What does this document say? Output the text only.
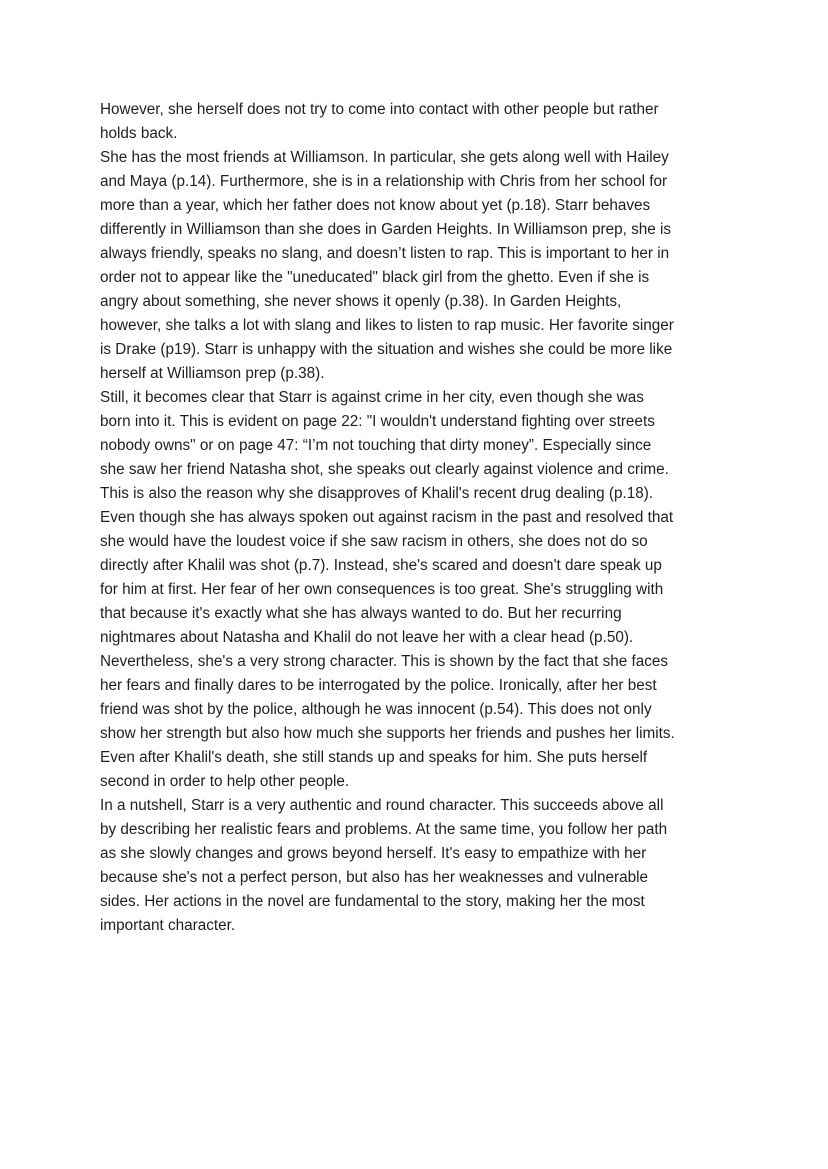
However, she herself does not try to come into contact with other people but rather
holds back.

She has the most friends at Williamson. In particular, she gets along well with Hailey
and Maya (p.14). Furthermore, she is in a relationship with Chris from her school for
more than a year, which her father does not know about yet (p.18). Starr behaves
differently in Williamson than she does in Garden Heights. In Williamson prep, she is
always friendly, speaks no slang, and doesn’t listen to rap. This is important to her in
order not to appear like the "uneducated" black girl from the ghetto. Even if she is
angry about something, she never shows it openly (p.38). In Garden Heights,
however, she talks a lot with slang and likes to listen to rap music. Her favorite singer
is Drake (p19). Starr is unhappy with the situation and wishes she could be more like
herself at Williamson prep (p.38).

Still, it becomes clear that Starr is against crime in her city, even though she was
born into it. This is evident on page 22: "I wouldn't understand fighting over streets
nobody owns" or on page 47: “I’m not touching that dirty money”. Especially since
she saw her friend Natasha shot, she speaks out clearly against violence and crime.
This is also the reason why she disapproves of Khalil's recent drug dealing (p.18).
Even though she has always spoken out against racism in the past and resolved that
she would have the loudest voice if she saw racism in others, she does not do so
directly after Khalil was shot (p.7). Instead, she's scared and doesn't dare speak up
for him at first. Her fear of her own consequences is too great. She's struggling with
that because it's exactly what she has always wanted to do. But her recurring
nightmares about Natasha and Khalil do not leave her with a clear head (p.50).
Nevertheless, she's a very strong character. This is shown by the fact that she faces
her fears and finally dares to be interrogated by the police. Ironically, after her best
friend was shot by the police, although he was innocent (p.54). This does not only
show her strength but also how much she supports her friends and pushes her limits.
Even after Khalil's death, she still stands up and speaks for him. She puts herself
second in order to help other people.

In a nutshell, Starr is a very authentic and round character. This succeeds above all
by describing her realistic fears and problems. At the same time, you follow her path
as she slowly changes and grows beyond herself. It's easy to empathize with her
because she's not a perfect person, but also has her weaknesses and vulnerable
sides. Her actions in the novel are fundamental to the story, making her the most
important character.
